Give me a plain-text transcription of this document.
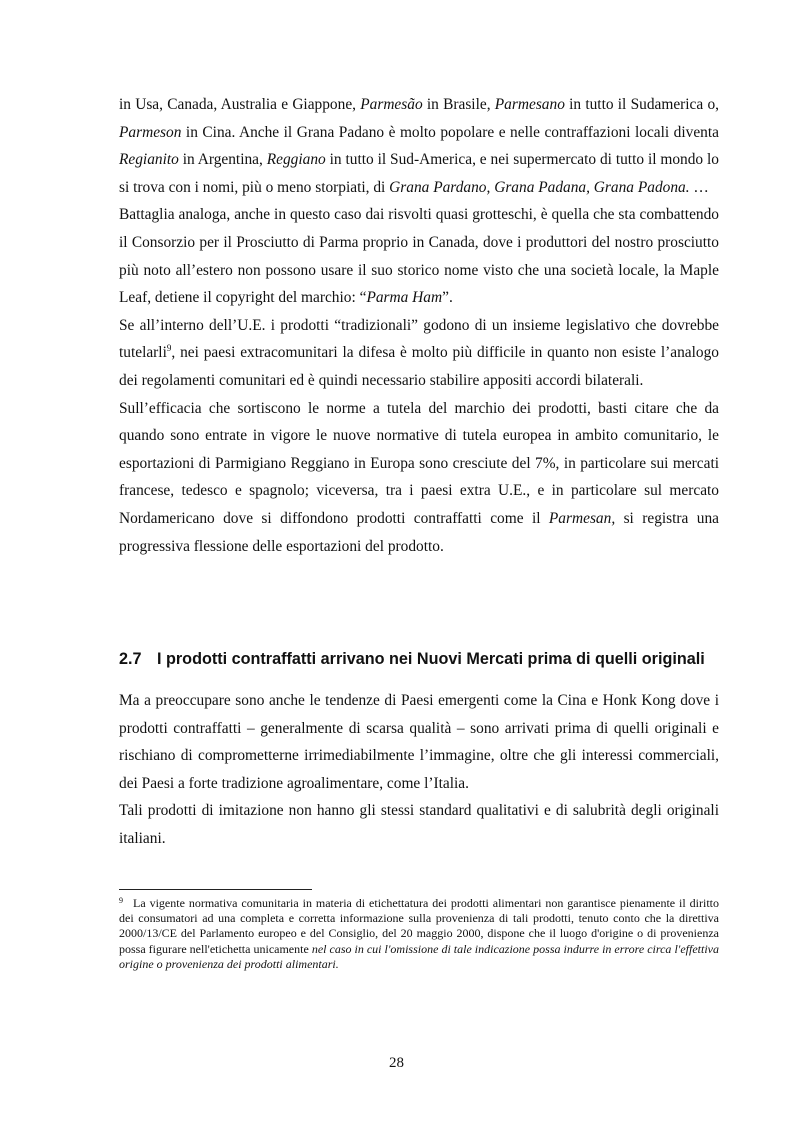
in Usa, Canada, Australia e Giappone, Parmesão in Brasile, Parmesano in tutto il Sudamerica o, Parmeson in Cina. Anche il Grana Padano è molto popolare e nelle contraffazioni locali diventa Regianito in Argentina, Reggiano in tutto il Sud-America, e nei supermercato di tutto il mondo lo si trova con i nomi, più o meno storpiati, di Grana Pardano, Grana Padana, Grana Padona. …

Battaglia analoga, anche in questo caso dai risvolti quasi grotteschi, è quella che sta combattendo il Consorzio per il Prosciutto di Parma proprio in Canada, dove i produttori del nostro prosciutto più noto all’estero non possono usare il suo storico nome visto che una società locale, la Maple Leaf, detiene il copyright del marchio: “Parma Ham”.

Se all’interno dell’U.E. i prodotti “tradizionali” godono di un insieme legislativo che dovrebbe tutelarli$^9$, nei paesi extracomunitari la difesa è molto più difficile in quanto non esiste l’analogo dei regolamenti comunitari ed è quindi necessario stabilire appositi accordi bilaterali.

Sull’efficacia che sortiscono le norme a tutela del marchio dei prodotti, basti citare che da quando sono entrate in vigore le nuove normative di tutela europea in ambito comunitario, le esportazioni di Parmigiano Reggiano in Europa sono cresciute del 7%, in particolare sui mercati francese, tedesco e spagnolo; viceversa, tra i paesi extra U.E., e in particolare sul mercato Nordamericano dove si diffondono prodotti contraffatti come il Parmesan, si registra una progressiva flessione delle esportazioni del prodotto.

2.7 I prodotti contraffatti arrivano nei Nuovi Mercati prima di quelli originali

Ma a preoccupare sono anche le tendenze di Paesi emergenti come la Cina e Honk Kong dove i prodotti contraffatti – generalmente di scarsa qualità – sono arrivati prima di quelli originali e rischiano di comprometterne irrimediabilmente l’immagine, oltre che gli interessi commerciali, dei Paesi a forte tradizione agroalimentare, come l’Italia.

Tali prodotti di imitazione non hanno gli stessi standard qualitativi e di salubrità degli originali italiani.

9 La vigente normativa comunitaria in materia di etichettatura dei prodotti alimentari non garantisce pienamente il diritto dei consumatori ad una completa e corretta informazione sulla provenienza di tali prodotti, tenuto conto che la direttiva 2000/13/CE del Parlamento europeo e del Consiglio, del 20 maggio 2000, dispone che il luogo d'origine o di provenienza possa figurare nell'etichetta unicamente nel caso in cui l'omissione di tale indicazione possa indurre in errore circa l'effettiva origine o provenienza dei prodotti alimentari.
28
